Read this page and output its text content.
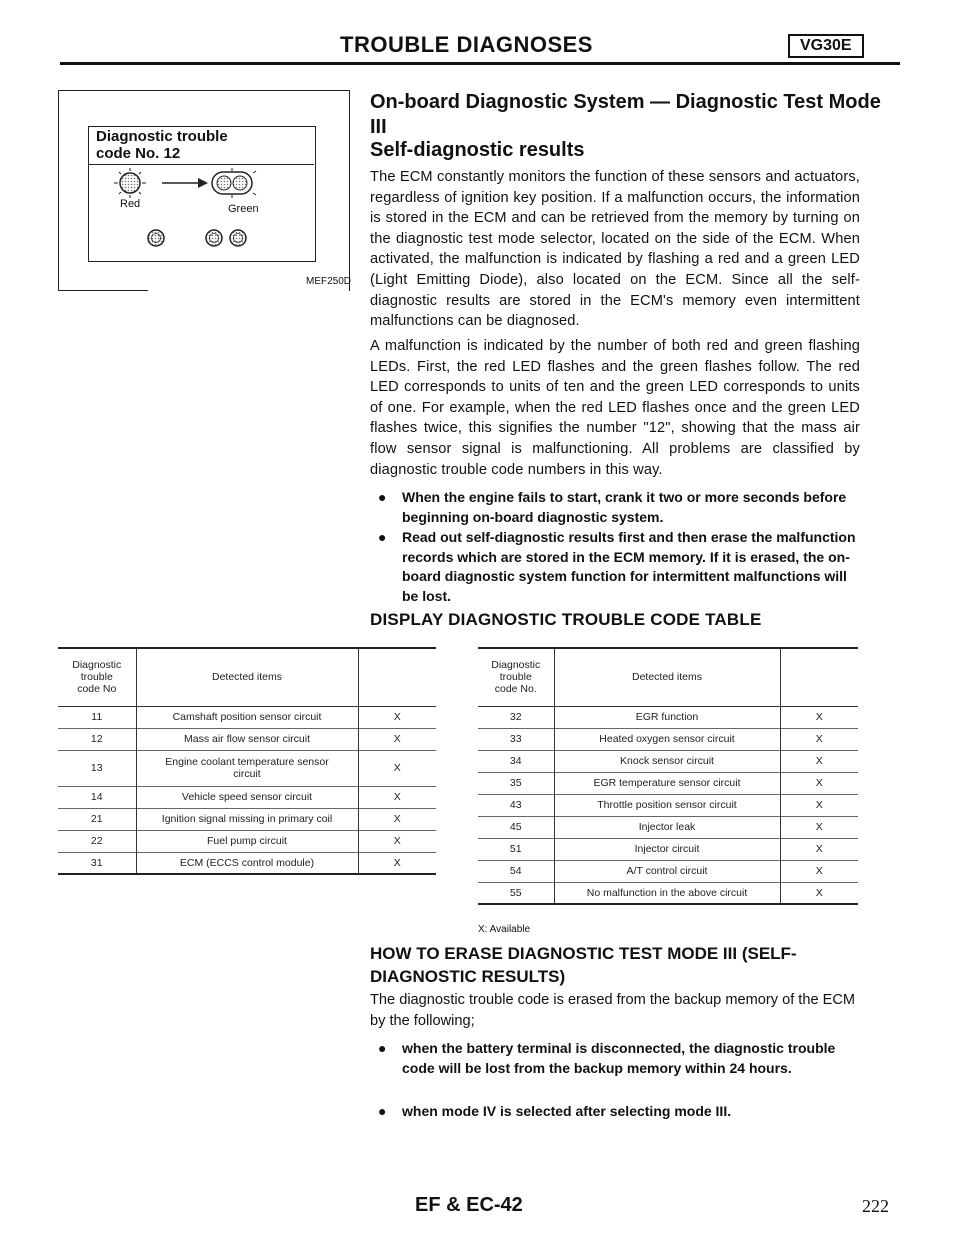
TROUBLE DIAGNOSES	VG30E
Diagnostic trouble
code No. 12
Red	Green
MEF250D
On-board Diagnostic System — Diagnostic Test Mode III
Self-diagnostic results
The ECM constantly monitors the function of these sensors and actuators, regardless of ignition key position. If a malfunction occurs, the information is stored in the ECM and can be retrieved from the memory by turning on the diagnostic test mode selector, located on the side of the ECM. When activated, the malfunction is indicated by flashing a red and a green LED (Light Emitting Diode), also located on the ECM. Since all the self-diagnostic results are stored in the ECM's memory even intermittent malfunctions can be diagnosed.
A malfunction is indicated by the number of both red and green flashing LEDs. First, the red LED flashes and the green flashes follow. The red LED corresponds to units of ten and the green LED corresponds to units of one. For example, when the red LED flashes once and the green LED flashes twice, this signifies the number "12", showing that the mass air flow sensor signal is malfunctioning. All problems are classified by diagnostic trouble code numbers in this way.
● When the engine fails to start, crank it two or more seconds before beginning on-board diagnostic system.
● Read out self-diagnostic results first and then erase the malfunction records which are stored in the ECM memory. If it is erased, the on-board diagnostic system function for intermittent malfunctions will be lost.
DISPLAY DIAGNOSTIC TROUBLE CODE TABLE
Diagnostic
trouble
code No	Detected items	
11	Camshaft position sensor circuit	X
12	Mass air flow sensor circuit	X
13	Engine coolant temperature sensor circuit	X
14	Vehicle speed sensor circuit	X
21	Ignition signal missing in primary coil	X
22	Fuel pump circuit	X
31	ECM (ECCS control module)	X
Diagnostic
trouble
code No.	Detected items	
32	EGR function	X
33	Heated oxygen sensor circuit	X
34	Knock sensor circuit	X
35	EGR temperature sensor circuit	X
43	Throttle position sensor circuit	X
45	Injector leak	X
51	Injector circuit	X
54	A/T control circuit	X
55	No malfunction in the above circuit	X
X: Available
HOW TO ERASE DIAGNOSTIC TEST MODE III (SELF-DIAGNOSTIC RESULTS)
The diagnostic trouble code is erased from the backup memory of the ECM by the following;
● when the battery terminal is disconnected, the diagnostic trouble code will be lost from the backup memory within 24 hours.
● when mode IV is selected after selecting mode III.
EF & EC-42	222
